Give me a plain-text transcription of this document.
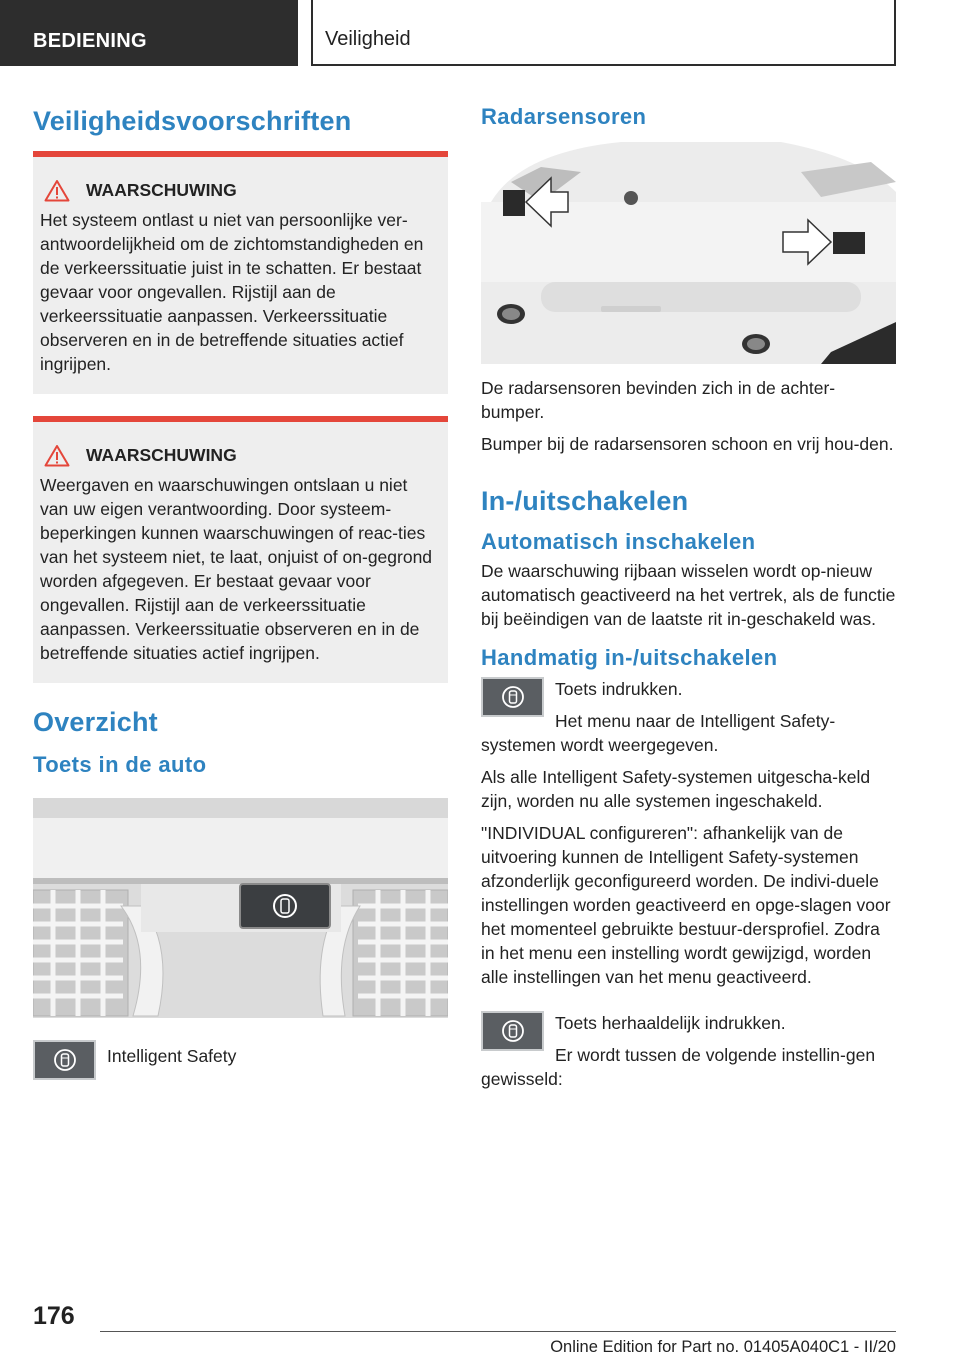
BEDIENING	Veiligheid
Veiligheidsvoorschriften
WAARSCHUWING
Het systeem ontlast u niet van persoonlijke ver-antwoordelijkheid om de zichtomstandigheden en de verkeerssituatie juist in te schatten. Er bestaat gevaar voor ongevallen. Rijstijl aan de verkeerssituatie aanpassen. Verkeerssituatie observeren en in de betreffende situaties actief ingrijpen.
WAARSCHUWING
Weergaven en waarschuwingen ontslaan u niet van uw eigen verantwoording. Door systeem-beperkingen kunnen waarschuwingen of reac-ties van het systeem niet, te laat, onjuist of on-gegrond worden afgegeven. Er bestaat gevaar voor ongevallen. Rijstijl aan de verkeerssituatie aanpassen. Verkeerssituatie observeren en in de betreffende situaties actief ingrijpen.
Overzicht
Toets in de auto

Intelligent Safety

Radarsensoren

De radarsensoren bevinden zich in de achter-bumper.

Bumper bij de radarsensoren schoon en vrij hou-den.

In-/uitschakelen
Automatisch inschakelen

De waarschuwing rijbaan wisselen wordt op-nieuw automatisch geactiveerd na het vertrek, als de functie bij beëindigen van de laatste rit in-geschakeld was.

Handmatig in-/uitschakelen

Toets indrukken.

Het menu naar de Intelligent Safety-systemen wordt weergegeven.

Als alle Intelligent Safety-systemen uitgescha-keld zijn, worden nu alle systemen ingeschakeld.

"INDIVIDUAL configureren": afhankelijk van de uitvoering kunnen de Intelligent Safety-systemen afzonderlijk geconfigureerd worden. De indivi-duele instellingen worden geactiveerd en opge-slagen voor het momenteel gebruikte bestuur-dersprofiel. Zodra in het menu een instelling wordt gewijzigd, worden alle instellingen van het menu geactiveerd.

Toets herhaaldelijk indrukken.

Er wordt tussen de volgende instellin-gen gewisseld:

176
Online Edition for Part no. 01405A040C1 - II/20
